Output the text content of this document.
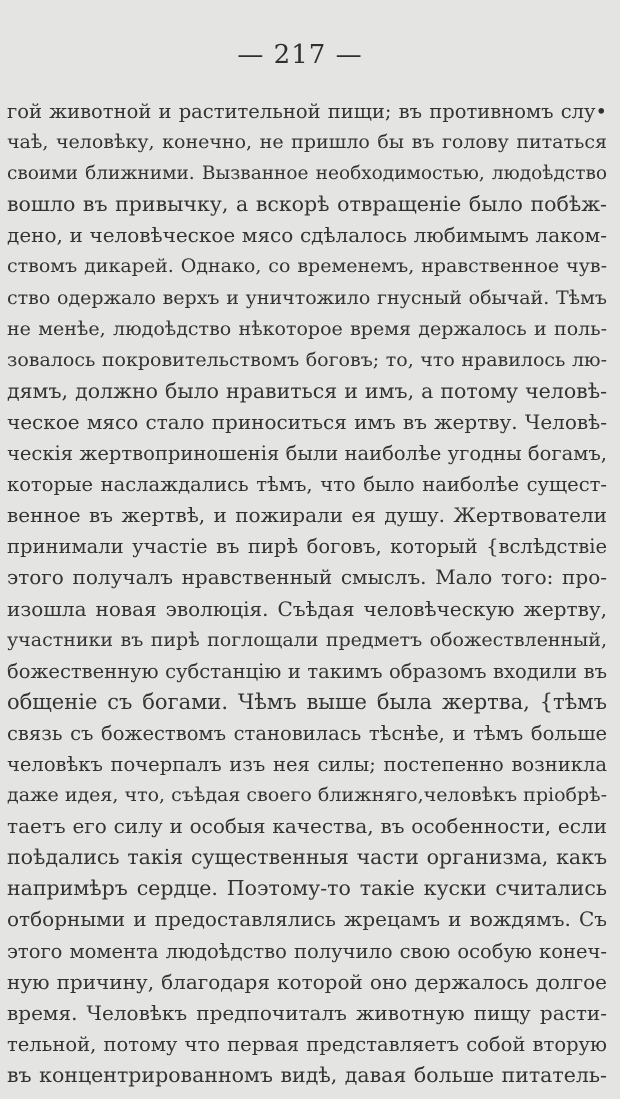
— 217 —
гой животной и растительной пищи; въ противномъ слу•
чаѣ, человѣку, конечно, не пришло бы въ голову питаться
своими ближними. Вызванное необходимостью, людоѣдство
вошло въ привычку, а вскорѣ отвращенiе было побѣж-
дено, и человѣческое мясо сдѣлалось любимымъ лаком-
ствомъ дикарей. Однако, со временемъ, нравственное чув-
ство одержало верхъ и уничтожило гнусный обычай. Тѣмъ
не менѣе, людоѣдство нѣкоторое время держалось и поль-
зовалось покровительствомъ боговъ; то, что нравилось лю-
дямъ, должно было нравиться и имъ, а потому человѣ-
ческое мясо стало приноситься имъ въ жертву. Человѣ-
ческiя жертвоприношенiя были наиболѣе угодны богамъ,
которые наслаждались тѣмъ, что было наиболѣе сущест-
венное въ жертвѣ, и пожирали ея душу. Жертвователи
принимали участiе въ пирѣ боговъ, который {вслѣдствiе
этого получалъ нравственный смыслъ. Мало того: про-
изошла новая эволюцiя. Съѣдая человѣческую жертву,
участники въ пирѣ поглощали предметъ обожествленный,
божественную субстанцiю и такимъ образомъ входили въ
общенiе съ богами. Чѣмъ выше была жертва, {тѣмъ
связь съ божествомъ становилась тѣснѣе, и тѣмъ больше
человѣкъ почерпалъ изъ нея силы; постепенно возникла
даже идея, что, съѣдая своего ближняго,человѣкъ прiобрѣ-
таетъ его силу и особыя качества, въ особенности, если
поѣдались такiя существенныя части организма, какъ
напримѣръ сердце. Поэтому-то такiе куски считались
отборными и предоставлялись жрецамъ и вождямъ. Съ
этого момента людоѣдство получило свою особую конеч-
ную причину, благодаря которой оно держалось долгое
время. Человѣкъ предпочиталъ животную пищу расти-
тельной, потому что первая представляетъ собой вторую
въ концентрированномъ видѣ, давая больше питатель-
